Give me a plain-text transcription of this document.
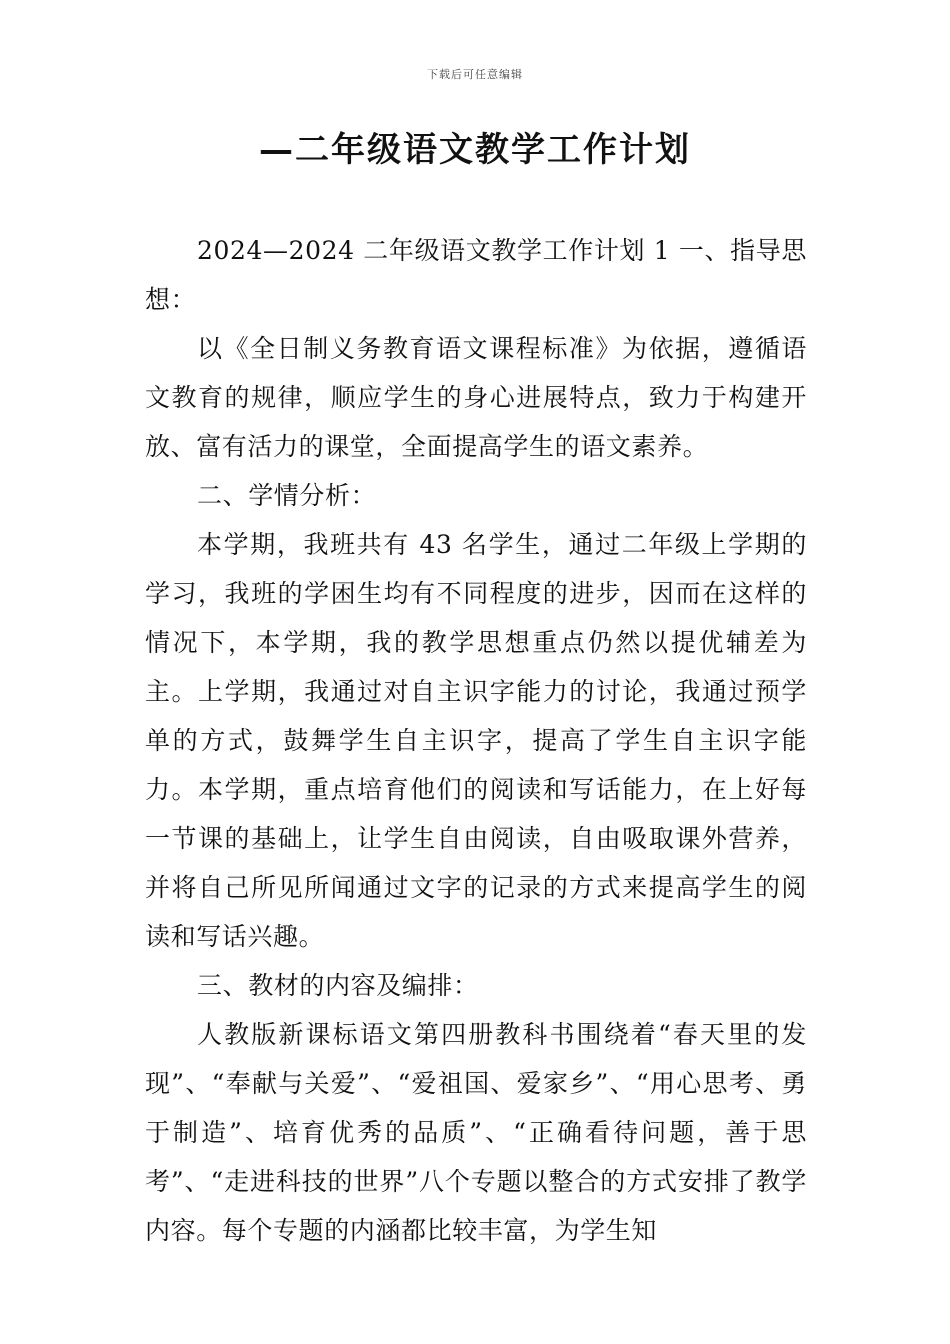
下载后可任意编辑
—二年级语文教学工作计划

2024—2024 二年级语文教学工作计划 1 一、指导思想：

以《全日制义务教育语文课程标准》为依据，遵循语文教育的规律，顺应学生的身心进展特点，致力于构建开放、富有活力的课堂，全面提高学生的语文素养。

二、学情分析：

本学期，我班共有 43 名学生，通过二年级上学期的学习，我班的学困生均有不同程度的进步，因而在这样的情况下，本学期，我的教学思想重点仍然以提优辅差为主。上学期，我通过对自主识字能力的讨论，我通过预学单的方式，鼓舞学生自主识字，提高了学生自主识字能力。本学期，重点培育他们的阅读和写话能力，在上好每一节课的基础上，让学生自由阅读，自由吸取课外营养，并将自己所见所闻通过文字的记录的方式来提高学生的阅读和写话兴趣。

三、教材的内容及编排：

人教版新课标语文第四册教科书围绕着“春天里的发现”、“奉献与关爱”、“爱祖国、爱家乡”、“用心思考、勇于制造”、培育优秀的品质”、“正确看待问题，善于思考”、“走进科技的世界”八个专题以整合的方式安排了教学内容。每个专题的内涵都比较丰富，为学生知
